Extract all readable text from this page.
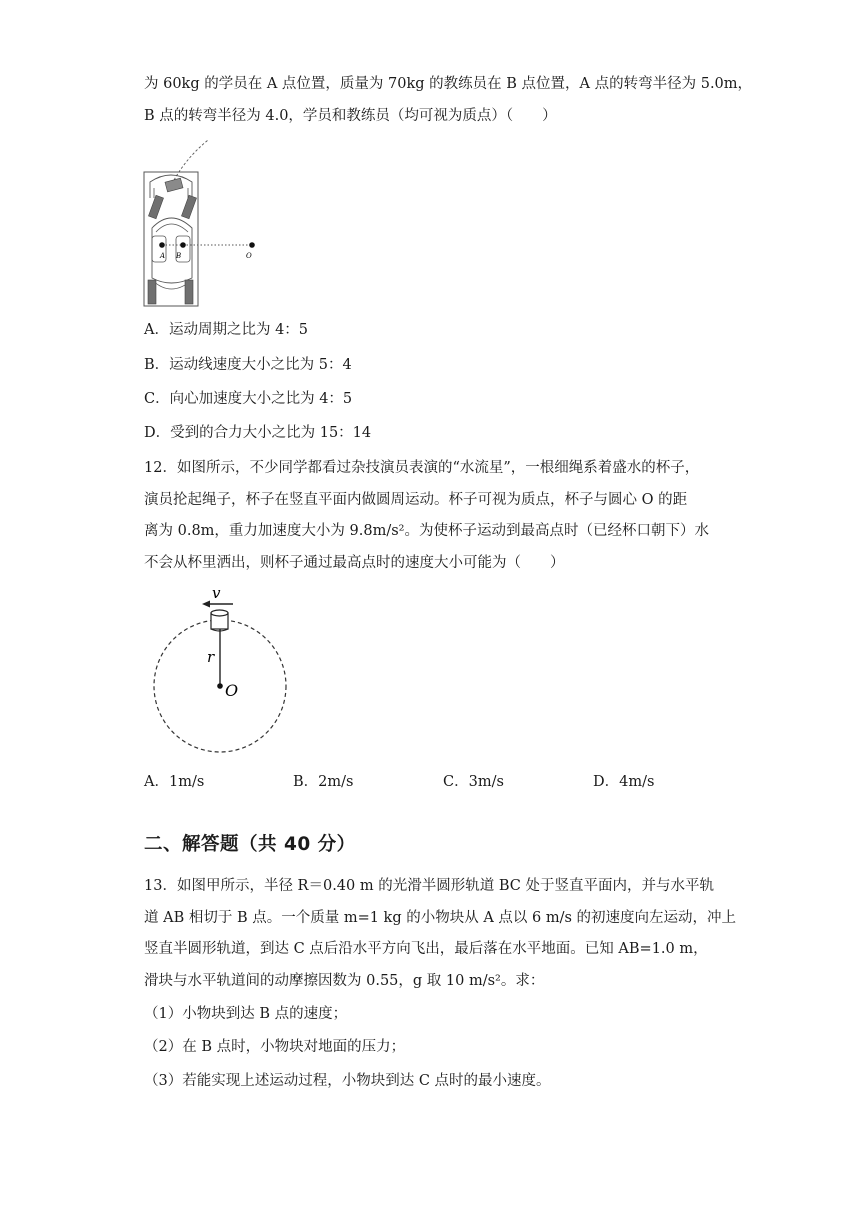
为 60kg 的学员在 A 点位置，质量为 70kg 的教练员在 B 点位置，A 点的转弯半径为 5.0m，
B 点的转弯半径为 4.0，学员和教练员（均可视为质点）（　　）
A B	O
A．运动周期之比为 4：5
B．运动线速度大小之比为 5：4
C．向心加速度大小之比为 4：5
D．受到的合力大小之比为 15：14
12．如图所示，不少同学都看过杂技演员表演的“水流星”，一根细绳系着盛水的杯子，
演员抡起绳子，杯子在竖直平面内做圆周运动。杯子可视为质点，杯子与圆心 O 的距
离为 0.8m，重力加速度大小为 9.8m/s²。为使杯子运动到最高点时（已经杯口朝下）水
不会从杯里洒出，则杯子通过最高点时的速度大小可能为（　　）
v
r
O
A．1m/s	B．2m/s	C．3m/s	D．4m/s
二、解答题（共 40 分）
13．如图甲所示，半径 R＝0.40 m 的光滑半圆形轨道 BC 处于竖直平面内，并与水平轨
道 AB 相切于 B 点。一个质量 m=1 kg 的小物块从 A 点以 6 m/s 的初速度向左运动，冲上
竖直半圆形轨道，到达 C 点后沿水平方向飞出，最后落在水平地面。已知 AB=1.0 m，
滑块与水平轨道间的动摩擦因数为 0.55，g 取 10 m/s²。求：
（1）小物块到达 B 点的速度；
（2）在 B 点时，小物块对地面的压力；
（3）若能实现上述运动过程，小物块到达 C 点时的最小速度。
